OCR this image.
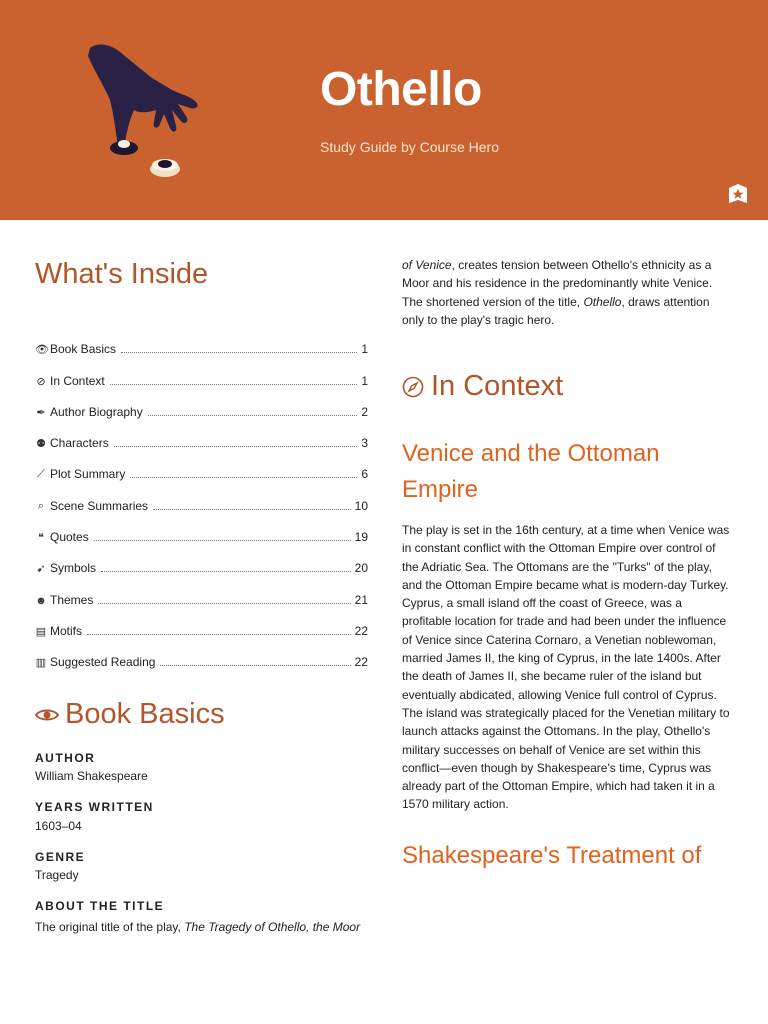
Othello
Study Guide by Course Hero
What's Inside
👁 Book Basics	1
⊘ In Context	1
✒ Author Biography	2
⚉ Characters	3
⟋ Plot Summary	6
⌕ Scene Summaries	10
❝ Quotes	19
➹ Symbols	20
☻ Themes	21
▤ Motifs	22
▥ Suggested Reading	22
Book Basics
AUTHOR
William Shakespeare
YEARS WRITTEN
1603–04
GENRE
Tragedy
ABOUT THE TITLE
The original title of the play, The Tragedy of Othello, the Moor

of Venice, creates tension between Othello's ethnicity as a Moor and his residence in the predominantly white Venice. The shortened version of the title, Othello, draws attention only to the play's tragic hero.

In Context
Venice and the Ottoman Empire

The play is set in the 16th century, at a time when Venice was in constant conflict with the Ottoman Empire over control of the Adriatic Sea. The Ottomans are the "Turks" of the play, and the Ottoman Empire became what is modern-day Turkey. Cyprus, a small island off the coast of Greece, was a profitable location for trade and had been under the influence of Venice since Caterina Cornaro, a Venetian noblewoman, married James II, the king of Cyprus, in the late 1400s. After the death of James II, she became ruler of the island but eventually abdicated, allowing Venice full control of Cyprus. The island was strategically placed for the Venetian military to launch attacks against the Ottomans. In the play, Othello's military successes on behalf of Venice are set within this conflict—even though by Shakespeare's time, Cyprus was already part of the Ottoman Empire, which had taken it in a 1570 military action.

Shakespeare's Treatment of
